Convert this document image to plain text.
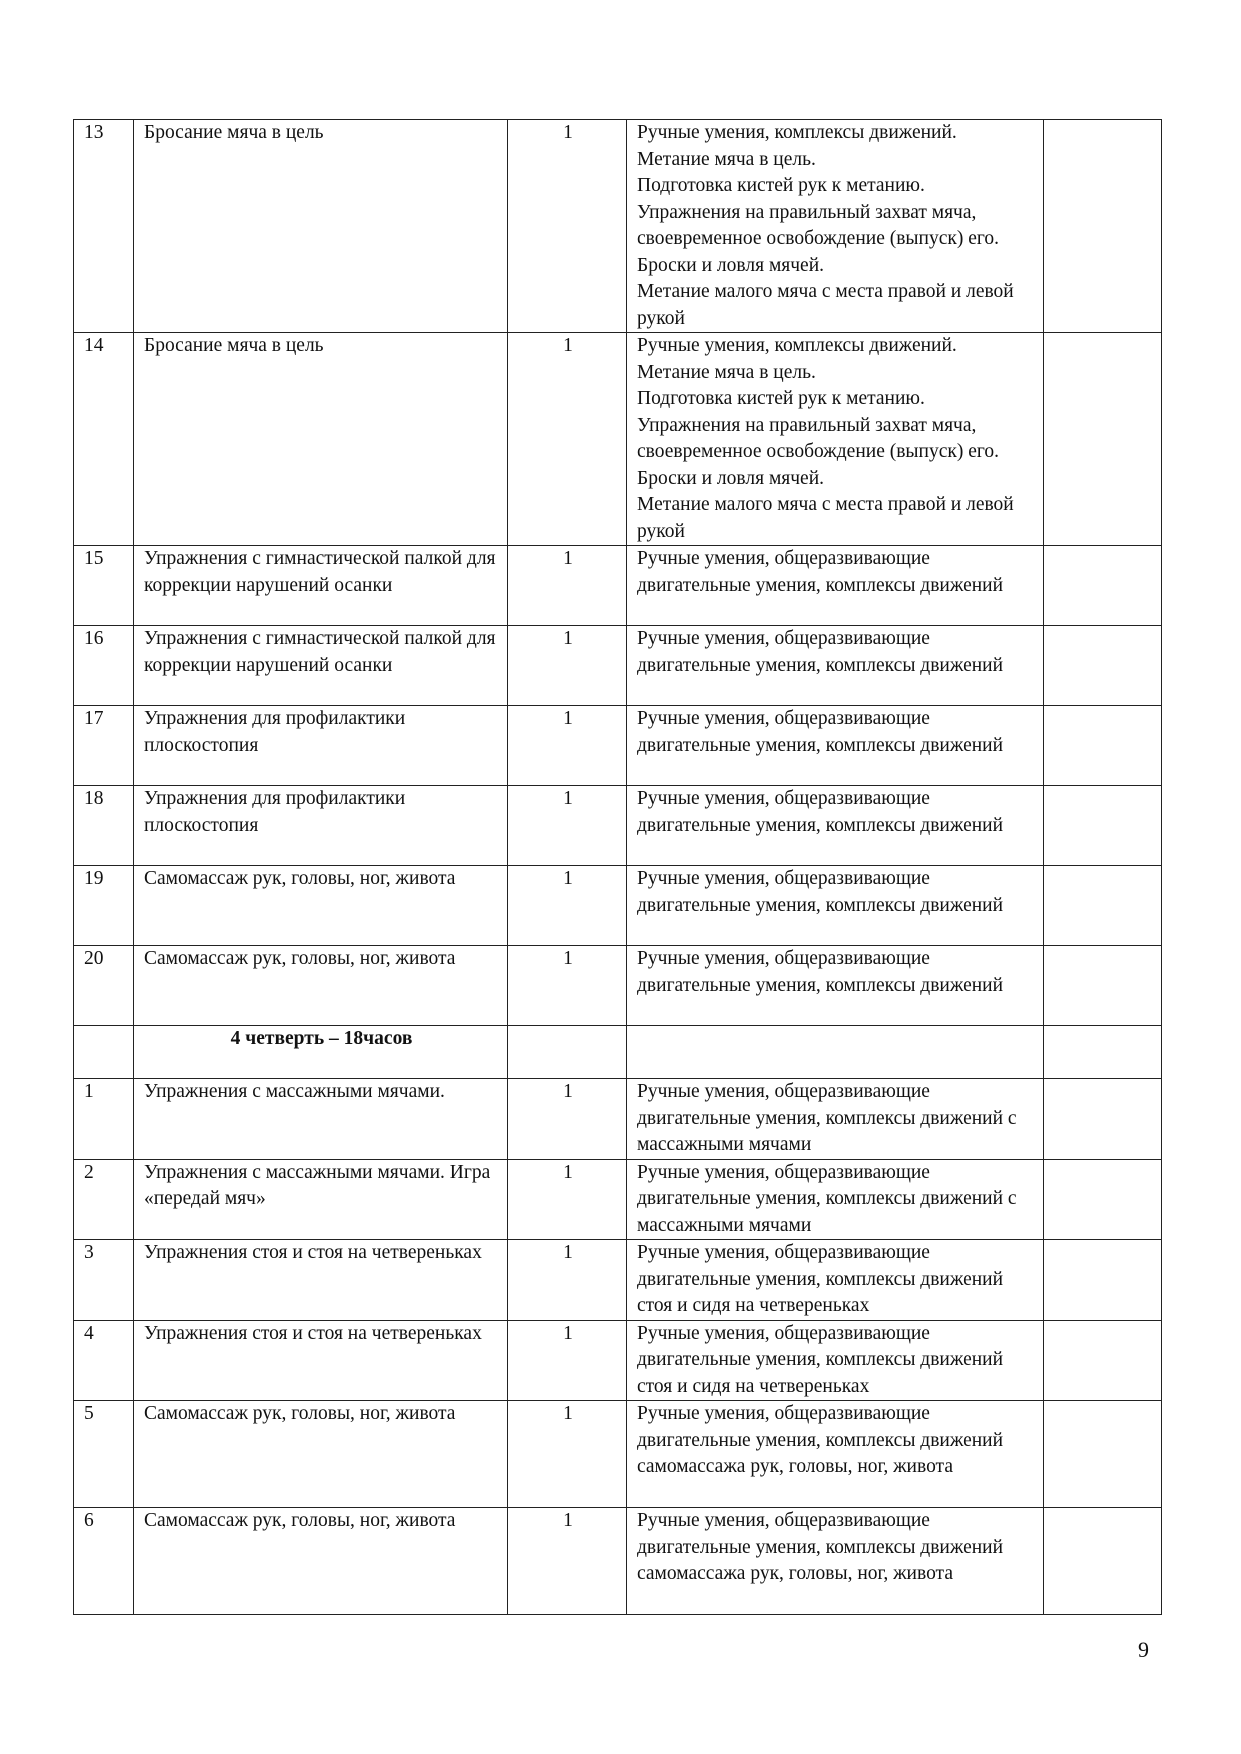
13	Бросание мяча в цель	1	Ручные умения, комплексы движений.
Метание мяча в цель.
Подготовка кистей рук к метанию.
Упражнения на правильный захват мяча, своевременное освобождение (выпуск) его. Броски и ловля мячей.
Метание малого мяча с места правой и левой рукой	
14	Бросание мяча в цель	1	Ручные умения, комплексы движений.
Метание мяча в цель.
Подготовка кистей рук к метанию.
Упражнения на правильный захват мяча, своевременное освобождение (выпуск) его. Броски и ловля мячей.
Метание малого мяча с места правой и левой рукой	
15	Упражнения с гимнастической палкой для коррекции нарушений осанки	1	Ручные умения, общеразвивающие двигательные умения, комплексы движений	
16	Упражнения с гимнастической палкой для коррекции нарушений осанки	1	Ручные умения, общеразвивающие двигательные умения, комплексы движений	
17	Упражнения для профилактики плоскостопия	1	Ручные умения, общеразвивающие двигательные умения, комплексы движений	
18	Упражнения для профилактики плоскостопия	1	Ручные умения, общеразвивающие двигательные умения, комплексы движений	
19	Самомассаж рук, головы, ног, живота	1	Ручные умения, общеразвивающие двигательные умения, комплексы движений	
20	Самомассаж рук, головы, ног, живота	1	Ручные умения, общеразвивающие двигательные умения, комплексы движений	
	4 четверть – 18часов			
1	Упражнения с массажными мячами.	1	Ручные умения, общеразвивающие двигательные умения, комплексы движений с массажными мячами	
2	Упражнения с массажными мячами. Игра «передай мяч»	1	Ручные умения, общеразвивающие двигательные умения, комплексы движений с массажными мячами	
3	Упражнения стоя и стоя на четвереньках	1	Ручные умения, общеразвивающие двигательные умения, комплексы движений стоя и сидя на четвереньках	
4	Упражнения стоя и стоя на четвереньках	1	Ручные умения, общеразвивающие двигательные умения, комплексы движений стоя и сидя на четвереньках	
5	Самомассаж рук, головы, ног, живота	1	Ручные умения, общеразвивающие двигательные умения, комплексы движений самомассажа рук, головы, ног, живота	
6	Самомассаж рук, головы, ног, живота	1	Ручные умения, общеразвивающие двигательные умения, комплексы движений самомассажа рук, головы, ног, живота	
9
